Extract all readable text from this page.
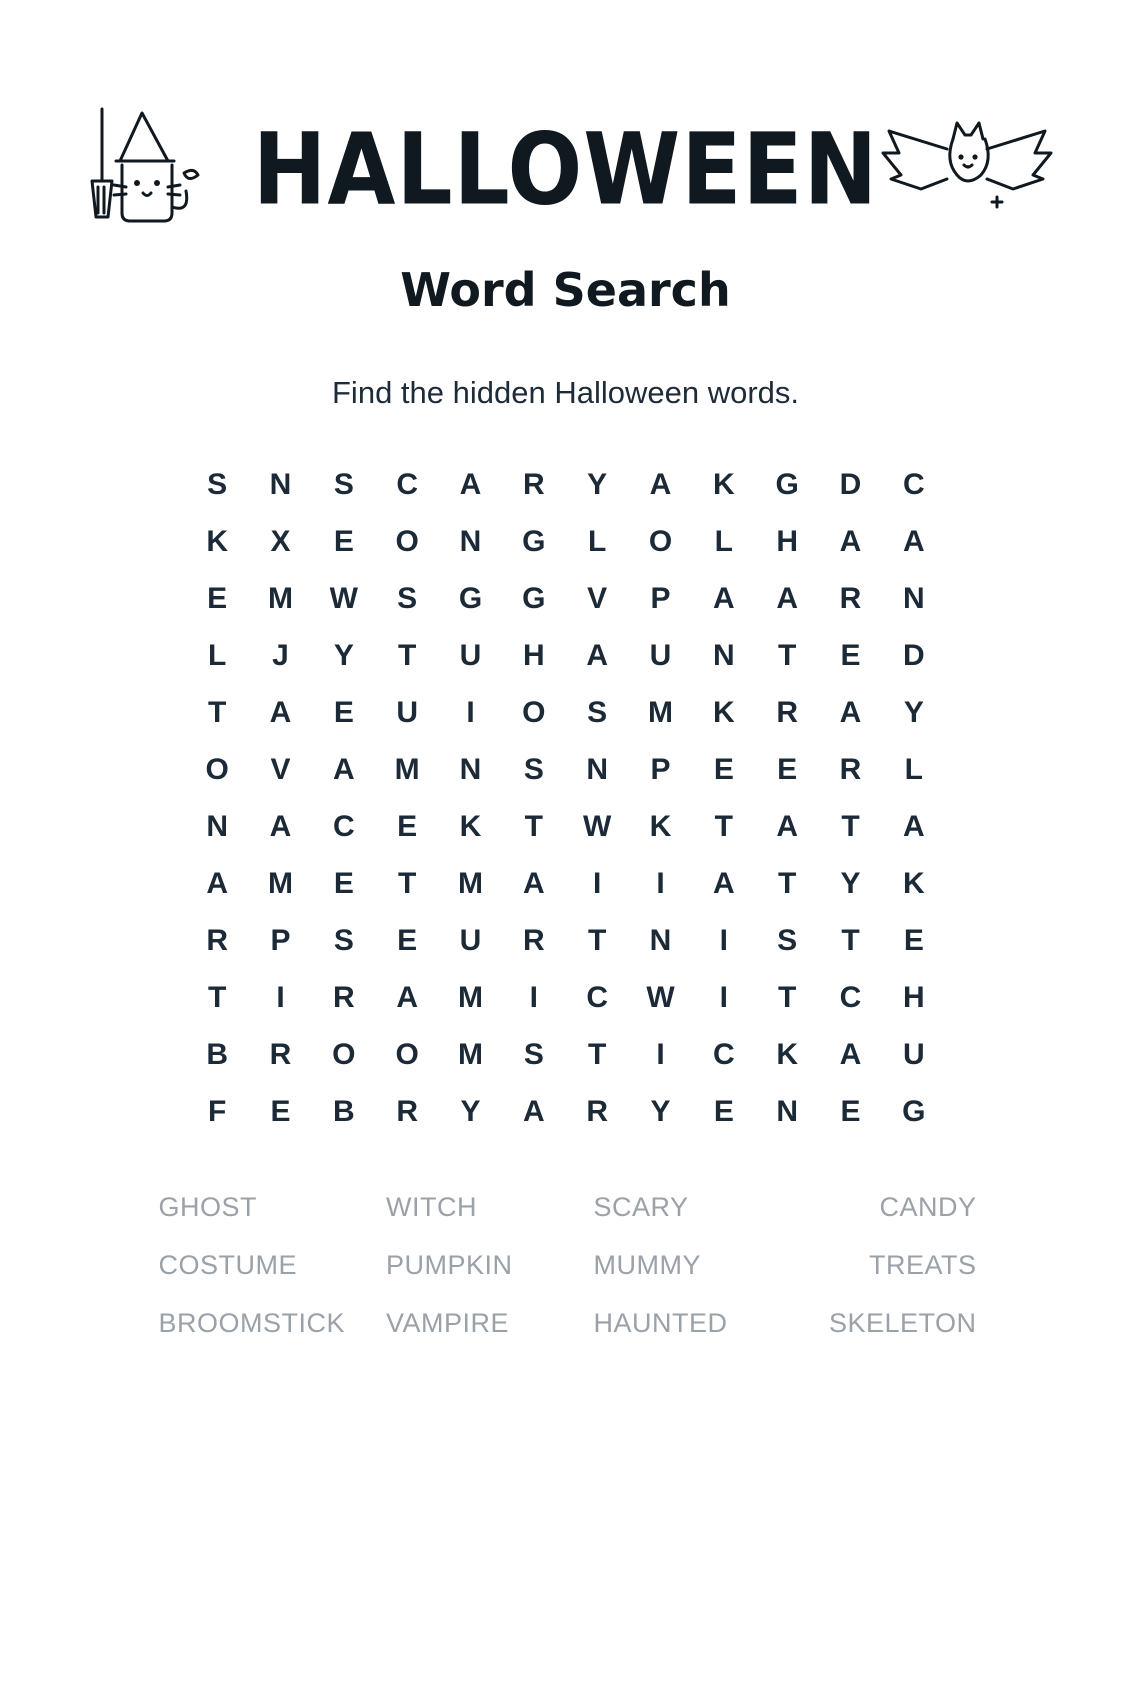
HALLOWEEN
Word Search
Find the hidden Halloween words.
S	N	S	C	A	R	Y	A	K	G	D	C
K	X	E	O	N	G	L	O	L	H	A	A
E	M	W	S	G	G	V	P	A	A	R	N
L	J	Y	T	U	H	A	U	N	T	E	D
T	A	E	U	I	O	S	M	K	R	A	Y
O	V	A	M	N	S	N	P	E	E	R	L
N	A	C	E	K	T	W	K	T	A	T	A
A	M	E	T	M	A	I	I	A	T	Y	K
R	P	S	E	U	R	T	N	I	S	T	E
T	I	R	A	M	I	C	W	I	T	C	H
B	R	O	O	M	S	T	I	C	K	A	U
F	E	B	R	Y	A	R	Y	E	N	E	G
GHOST	WITCH	SCARY	CANDY
COSTUME	PUMPKIN	MUMMY	TREATS
BROOMSTICK	VAMPIRE	HAUNTED	SKELETON
